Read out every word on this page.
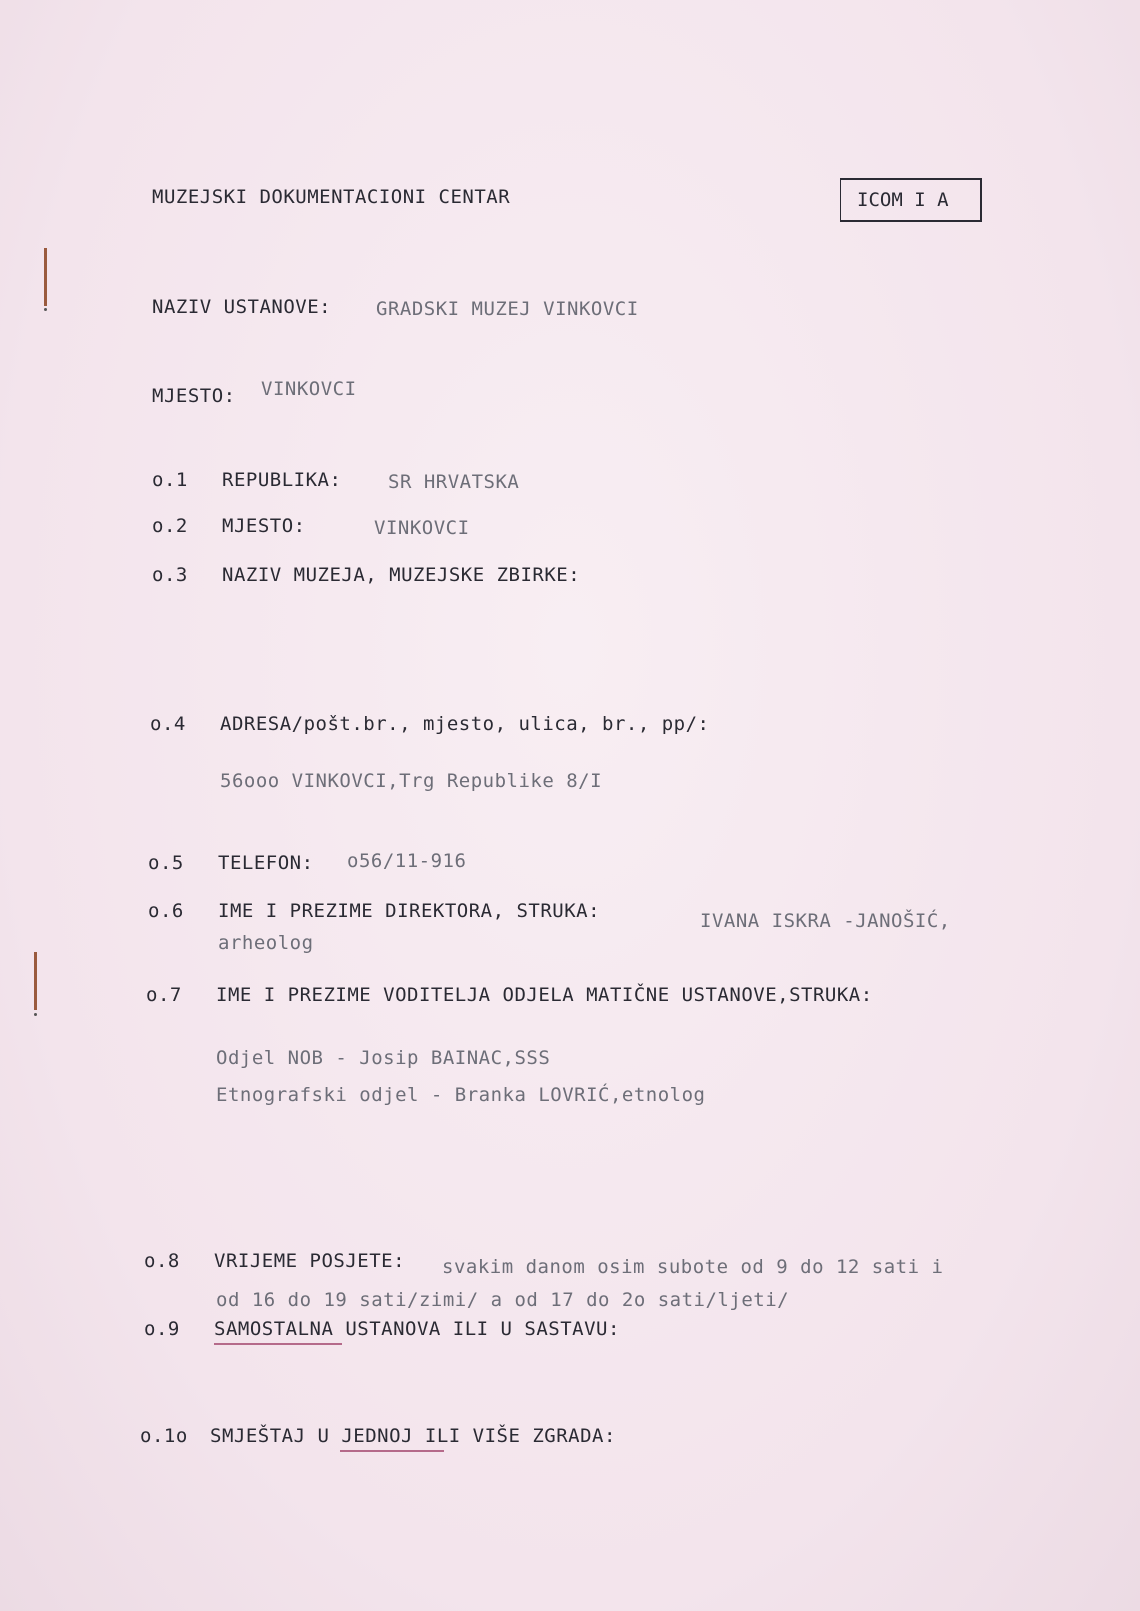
MUZEJSKI DOKUMENTACIONI CENTAR	ICOM I A
NAZIV USTANOVE: GRADSKI MUZEJ VINKOVCI
MJESTO: VINKOVCI
o.1 REPUBLIKA: SR HRVATSKA
o.2 MJESTO:	VINKOVCI
o.3 NAZIV MUZEJA, MUZEJSKE ZBIRKE:
o.4 ADRESA/pošt.br., mjesto, ulica, br., pp/:
56ooo VINKOVCI,Trg Republike 8/I
o.5 TELEFON: o56/11-916
o.6 IME I PREZIME DIREKTORA, STRUKA:	IVANA ISKRA -JANOŠIĆ,
arheolog
o.7 IME I PREZIME VODITELJA ODJELA MATIČNE USTANOVE,STRUKA:
Odjel NOB - Josip BAINAC,SSS
Etnografski odjel - Branka LOVRIĆ,etnolog
o.8 VRIJEME POSJETE: svakim danom osim subote od 9 do 12 sati i
od 16 do 19 sati/zimi/ a od 17 do 2o sati/ljeti/
o.9 SAMOSTALNA USTANOVA ILI U SASTAVU:
o.1o SMJEŠTAJ U JEDNOJ ILI VIŠE ZGRADA:
